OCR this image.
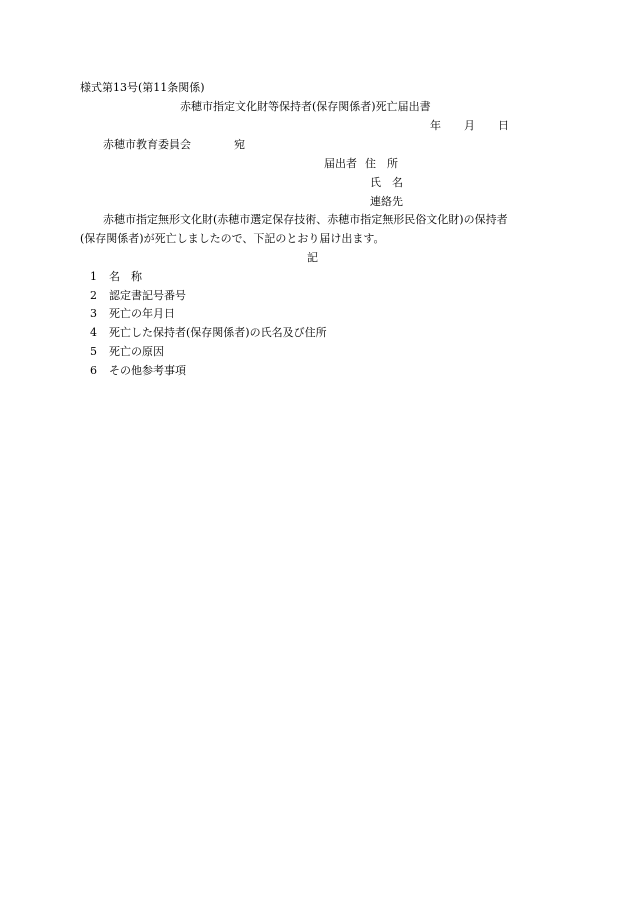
様式第13号(第11条関係)
赤穂市指定文化財等保持者(保存関係者)死亡届出書
年 月 日
赤穂市教育委員会	宛
届出者 住　所
氏　名
連絡先
赤穂市指定無形文化財(赤穂市選定保存技術、赤穂市指定無形民俗文化財)の保持者
(保存関係者)が死亡しましたので、下記のとおり届け出ます。
記
1 名　称
2 認定書記号番号
3 死亡の年月日
4 死亡した保持者(保存関係者)の氏名及び住所
5 死亡の原因
6 その他参考事項
